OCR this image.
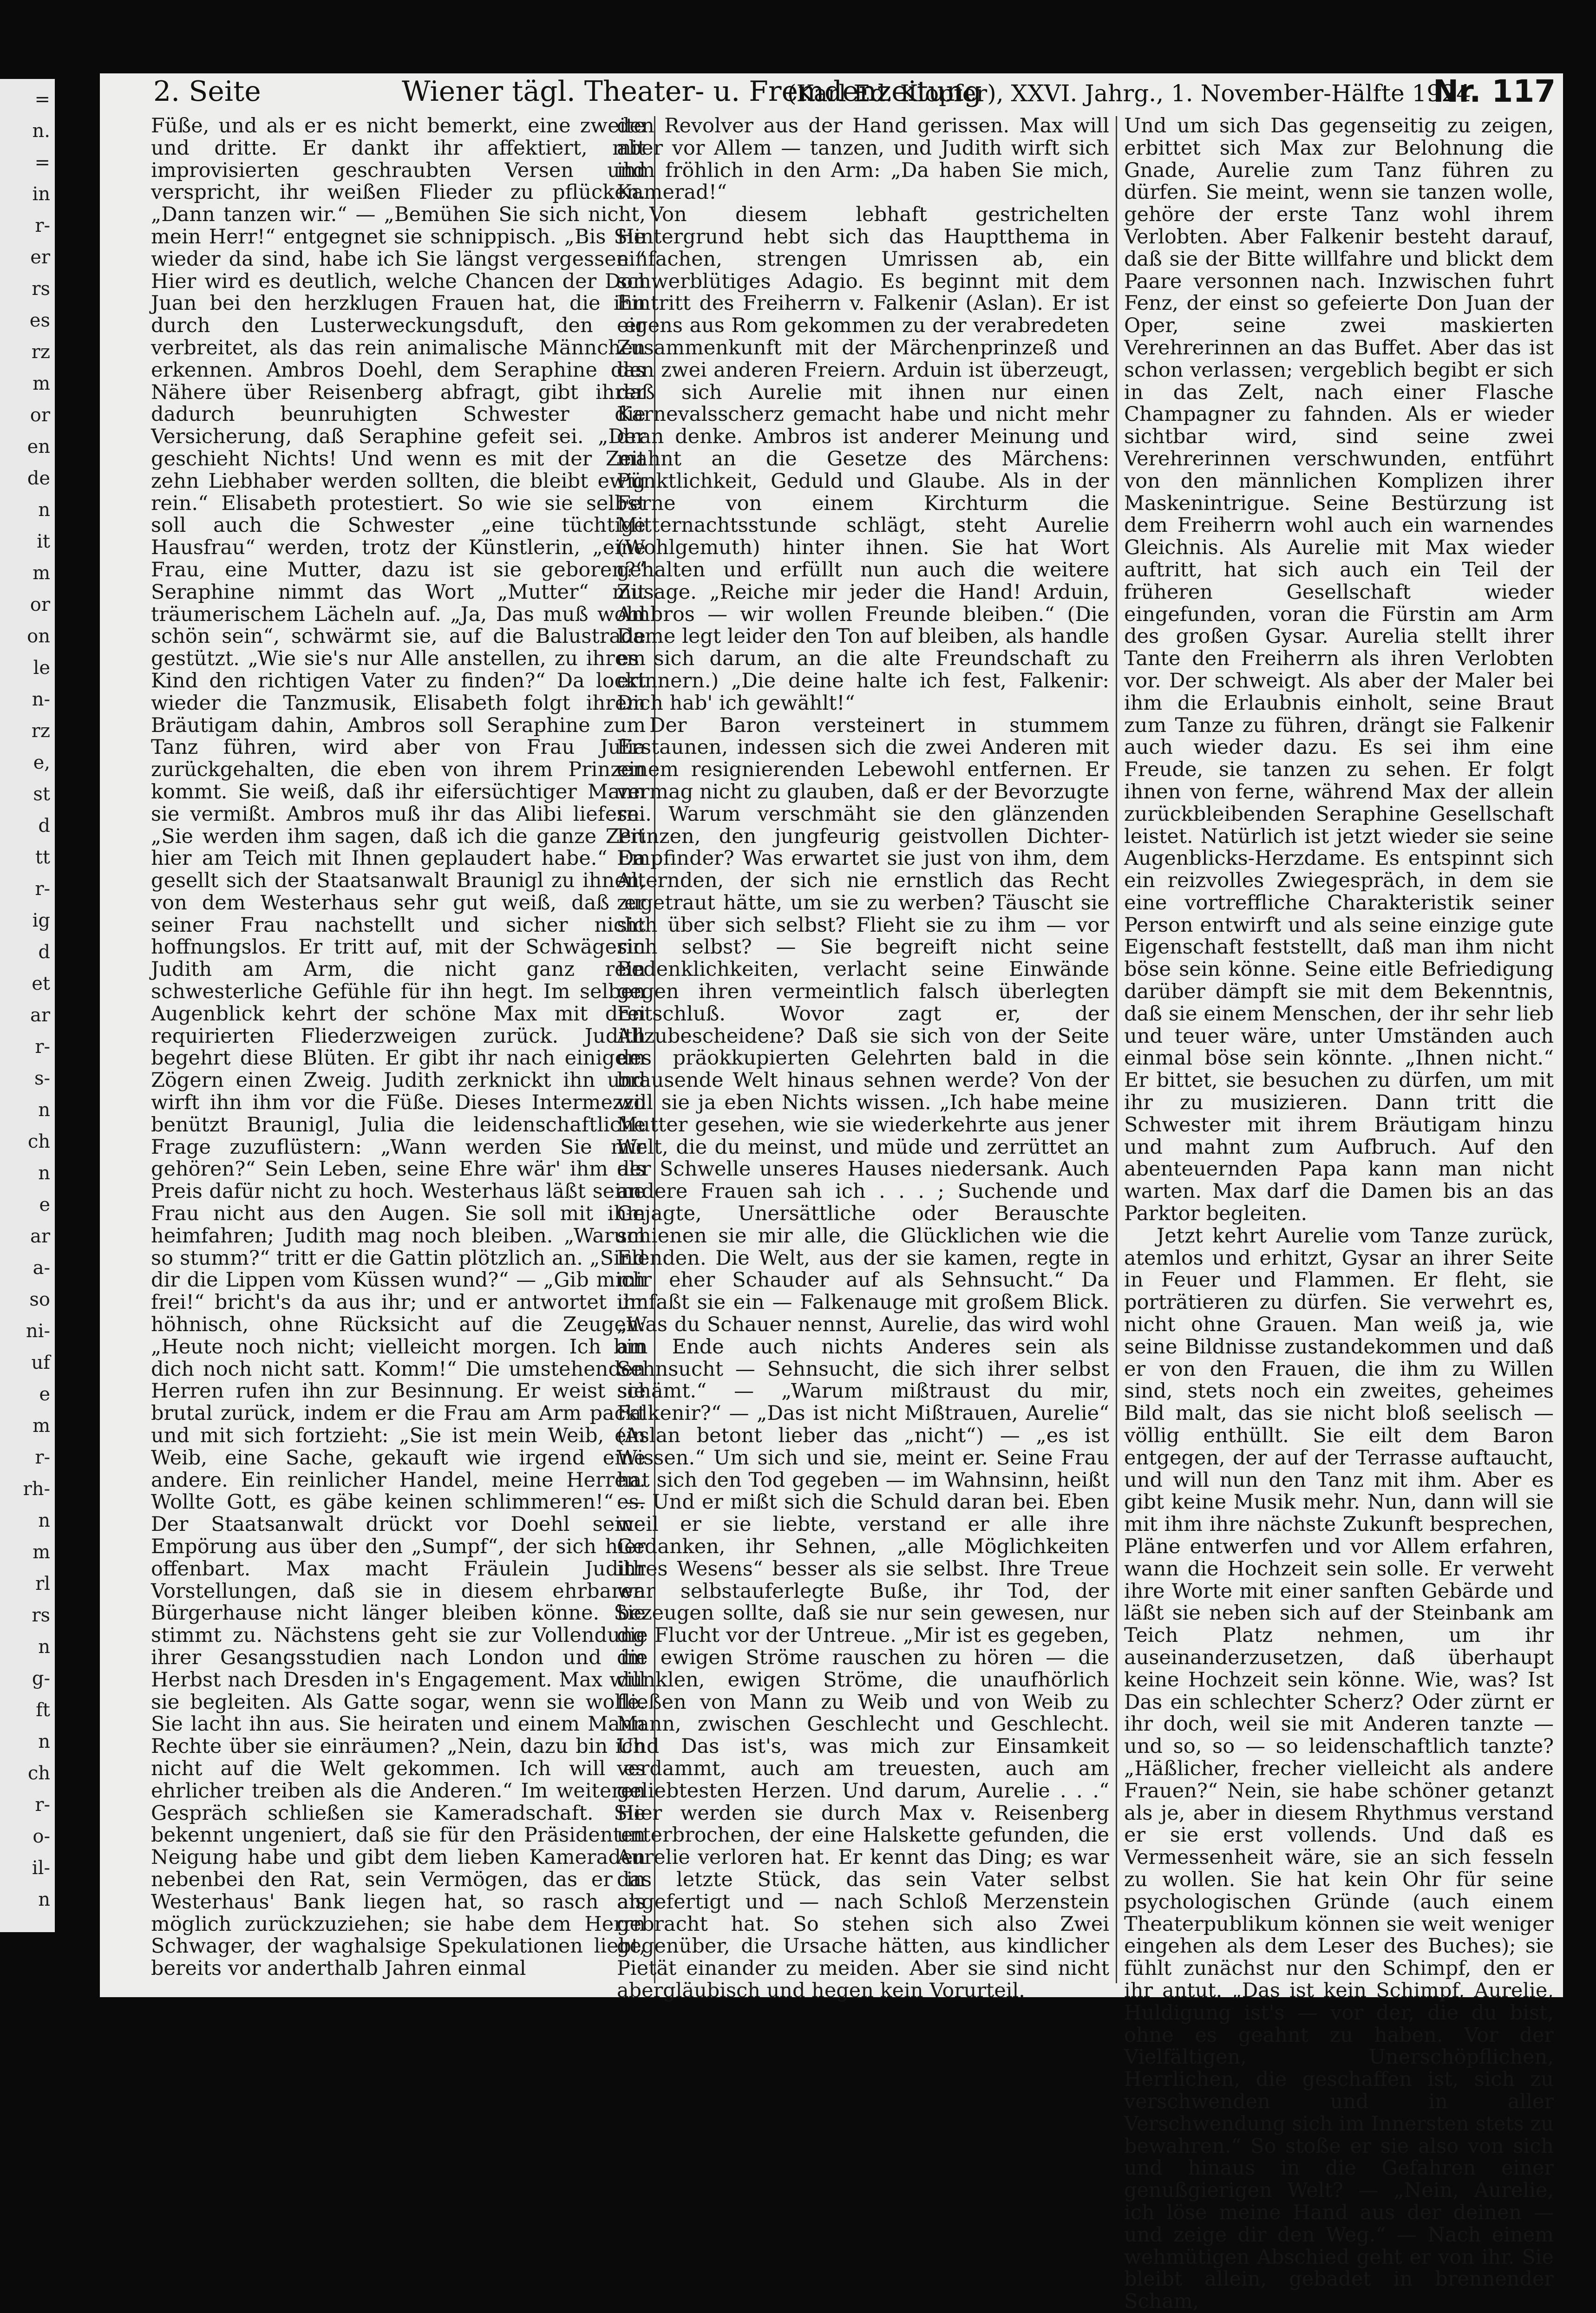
=
n.
=
in
r-
er
rs
es
rz
m
or
en
de
n
it
m
or
on
le
n-
rz
e,
st
d
tt
r-
ig
d
et
ar
r-
s-
n
ch
n
e
ar
a-
so
ni-
uf
e
m
r-
rh-
n
m
rl
rs
n
g-
ft
n
ch
r-
o-
il-
n
2. Seite	Wiener tägl. Theater- u. Fremdenzeitung
(Karl Ed. Klopfer), XXVI. Jahrg., 1. November-Hälfte 1924
Nr. 117

Füße, und als er es nicht bemerkt, eine zweite und dritte. Er dankt ihr affektiert, mit improvisierten geschraubten Versen und verspricht, ihr weißen Flieder zu pflücken. „Dann tanzen wir.“ — „Bemühen Sie sich nicht, mein Herr!“ entgegnet sie schnippisch. „Bis Sie wieder da sind, habe ich Sie längst vergessen.“ Hier wird es deutlich, welche Chancen der Don Juan bei den herzklugen Frauen hat, die ihn durch den Lusterweckungsduft, den er verbreitet, als das rein animalische Männchen erkennen. Ambros Doehl, dem Seraphine das Nähere über Reisenberg abfragt, gibt ihrer dadurch beunruhigten Schwester die Versicherung, daß Seraphine gefeit sei. „Der geschieht Nichts! Und wenn es mit der Zeit zehn Liebhaber werden sollten, die bleibt ewig rein.“ Elisabeth protestiert. So wie sie selbst soll auch die Schwester „eine tüchtige Hausfrau“ werden, trotz der Künstlerin, „eine Frau, eine Mutter, dazu ist sie geboren?“ Seraphine nimmt das Wort „Mutter“ mit träumerischem Lächeln auf. „Ja, Das muß wohl schön sein“, schwärmt sie, auf die Balustrade gestützt. „Wie sie's nur Alle anstellen, zu ihrem Kind den richtigen Vater zu finden?“ Da lockt wieder die Tanzmusik, Elisabeth folgt ihrem Bräutigam dahin, Ambros soll Seraphine zum Tanz führen, wird aber von Frau Julia zurückgehalten, die eben von ihrem Prinzen kommt. Sie weiß, daß ihr eifersüchtiger Mann sie vermißt. Ambros muß ihr das Alibi liefern. „Sie werden ihm sagen, daß ich die ganze Zeit hier am Teich mit Ihnen geplaudert habe.“ Da gesellt sich der Staatsanwalt Braunigl zu ihnen, von dem Westerhaus sehr gut weiß, daß er seiner Frau nachstellt und sicher nicht hoffnungslos. Er tritt auf, mit der Schwägerin Judith am Arm, die nicht ganz rein schwesterliche Gefühle für ihn hegt. Im selben Augenblick kehrt der schöne Max mit drei requirierten Fliederzweigen zurück. Judith begehrt diese Blüten. Er gibt ihr nach einigem Zögern einen Zweig. Judith zerknickt ihn und wirft ihn ihm vor die Füße. Dieses Intermezzo benützt Braunigl, Julia die leidenschaftliche Frage zuzuflüstern: „Wann werden Sie mir gehören?“ Sein Leben, seine Ehre wär' ihm als Preis dafür nicht zu hoch. Westerhaus läßt seine Frau nicht aus den Augen. Sie soll mit ihm heimfahren; Judith mag noch bleiben. „Warum so stumm?“ tritt er die Gattin plötzlich an. „Sind dir die Lippen vom Küssen wund?“ — „Gib mich frei!“ bricht's da aus ihr; und er antwortet ihr höhnisch, ohne Rücksicht auf die Zeugen: „Heute noch nicht; vielleicht morgen. Ich bin dich noch nicht satt. Komm!“ Die umstehenden Herren rufen ihn zur Besinnung. Er weist sie brutal zurück, indem er die Frau am Arm packt und mit sich fortzieht: „Sie ist mein Weib, ein Weib, eine Sache, gekauft wie irgend eine andere. Ein reinlicher Handel, meine Herren. Wollte Gott, es gäbe keinen schlimmeren!“ — Der Staatsanwalt drückt vor Doehl seine Empörung aus über den „Sumpf“, der sich hier offenbart. Max macht Fräulein Judith Vorstellungen, daß sie in diesem ehrbaren Bürgerhause nicht länger bleiben könne. Sie stimmt zu. Nächstens geht sie zur Vollendung ihrer Gesangsstudien nach London und im Herbst nach Dresden in's Engagement. Max will sie begleiten. Als Gatte sogar, wenn sie wolle. Sie lacht ihn aus. Sie heiraten und einem Mann Rechte über sie einräumen? „Nein, dazu bin ich nicht auf die Welt gekommen. Ich will es ehrlicher treiben als die Anderen.“ Im weiteren Gespräch schließen sie Kameradschaft. Sie bekennt ungeniert, daß sie für den Präsidenten Neigung habe und gibt dem lieben Kameraden nebenbei den Rat, sein Vermögen, das er in Westerhaus' Bank liegen hat, so rasch als möglich zurückzuziehen; sie habe dem Herrn Schwager, der waghalsige Spekulationen liebt, bereits vor anderthalb Jahren einmal

den Revolver aus der Hand gerissen. Max will aber vor Allem — tanzen, und Judith wirft sich ihm fröhlich in den Arm: „Da haben Sie mich, Kamerad!“

Von diesem lebhaft gestrichelten Hintergrund hebt sich das Hauptthema in einfachen, strengen Umrissen ab, ein schwerblütiges Adagio. Es beginnt mit dem Eintritt des Freiherrn v. Falkenir (Aslan). Er ist eigens aus Rom gekommen zu der verabredeten Zusammenkunft mit der Märchenprinzeß und den zwei anderen Freiern. Arduin ist überzeugt, daß sich Aurelie mit ihnen nur einen Karnevalsscherz gemacht habe und nicht mehr dran denke. Ambros ist anderer Meinung und mahnt an die Gesetze des Märchens: Pünktlichkeit, Geduld und Glaube. Als in der Ferne von einem Kirchturm die Mitternachtsstunde schlägt, steht Aurelie (Wohlgemuth) hinter ihnen. Sie hat Wort gehalten und erfüllt nun auch die weitere Zusage. „Reiche mir jeder die Hand! Arduin, Ambros — wir wollen Freunde bleiben.“ (Die Dame legt leider den Ton auf bleiben, als handle es sich darum, an die alte Freundschaft zu erinnern.) „Die deine halte ich fest, Falkenir: Dich hab' ich gewählt!“

Der Baron versteinert in stummem Erstaunen, indessen sich die zwei Anderen mit einem resignierenden Lebewohl entfernen. Er vermag nicht zu glauben, daß er der Bevorzugte sei. Warum verschmäht sie den glänzenden Prinzen, den jungfeurig geistvollen Dichter-Empfinder? Was erwartet sie just von ihm, dem Alternden, der sich nie ernstlich das Recht zugetraut hätte, um sie zu werben? Täuscht sie sich über sich selbst? Flieht sie zu ihm — vor sich selbst? — Sie begreift nicht seine Bedenklichkeiten, verlacht seine Einwände gegen ihren vermeintlich falsch überlegten Entschluß. Wovor zagt er, der Allzubescheidene? Daß sie sich von der Seite des präokkupierten Gelehrten bald in die brausende Welt hinaus sehnen werde? Von der will sie ja eben Nichts wissen. „Ich habe meine Mutter gesehen, wie sie wiederkehrte aus jener Welt, die du meinst, und müde und zerrüttet an der Schwelle unseres Hauses niedersank. Auch andere Frauen sah ich . . . ; Suchende und Gejagte, Unersättliche oder Berauschte schienen sie mir alle, die Glücklichen wie die Elenden. Die Welt, aus der sie kamen, regte in mir eher Schauder auf als Sehnsucht.“ Da umfaßt sie ein — Falkenauge mit großem Blick. „Was du Schauer nennst, Aurelie, das wird wohl am Ende auch nichts Anderes sein als Sehnsucht — Sehnsucht, die sich ihrer selbst schämt.“ — „Warum mißtraust du mir, Falkenir?“ — „Das ist nicht Mißtrauen, Aurelie“ (Aslan betont lieber das „nicht“) — „es ist Wissen.“ Um sich und sie, meint er. Seine Frau hat sich den Tod gegeben — im Wahnsinn, heißt es. Und er mißt sich die Schuld daran bei. Eben weil er sie liebte, verstand er alle ihre Gedanken, ihr Sehnen, „alle Möglichkeiten ihres Wesens“ besser als sie selbst. Ihre Treue war selbstauferlegte Buße, ihr Tod, der bezeugen sollte, daß sie nur sein gewesen, nur die Flucht vor der Untreue. „Mir ist es gegeben, die ewigen Ströme rauschen zu hören — die dunklen, ewigen Ströme, die unaufhörlich fließen von Mann zu Weib und von Weib zu Mann, zwischen Geschlecht und Geschlecht. Und Das ist's, was mich zur Einsamkeit verdammt, auch am treuesten, auch am geliebtesten Herzen. Und darum, Aurelie . . .“ Hier werden sie durch Max v. Reisenberg unterbrochen, der eine Halskette gefunden, die Aurelie verloren hat. Er kennt das Ding; es war das letzte Stück, das sein Vater selbst angefertigt und — nach Schloß Merzenstein gebracht hat. So stehen sich also Zwei gegenüber, die Ursache hätten, aus kindlicher Pietät einander zu meiden. Aber sie sind nicht abergläubisch und hegen kein Vorurteil.

Und um sich Das gegenseitig zu zeigen, erbittet sich Max zur Belohnung die Gnade, Aurelie zum Tanz führen zu dürfen. Sie meint, wenn sie tanzen wolle, gehöre der erste Tanz wohl ihrem Verlobten. Aber Falkenir besteht darauf, daß sie der Bitte willfahre und blickt dem Paare versonnen nach. Inzwischen fuhrt Fenz, der einst so gefeierte Don Juan der Oper, seine zwei maskierten Verehrerinnen an das Buffet. Aber das ist schon verlassen; vergeblich begibt er sich in das Zelt, nach einer Flasche Champagner zu fahnden. Als er wieder sichtbar wird, sind seine zwei Verehrerinnen verschwunden, entführt von den männlichen Komplizen ihrer Maskenintrigue. Seine Bestürzung ist dem Freiherrn wohl auch ein warnendes Gleichnis. Als Aurelie mit Max wieder auftritt, hat sich auch ein Teil der früheren Gesellschaft wieder eingefunden, voran die Fürstin am Arm des großen Gysar. Aurelia stellt ihrer Tante den Freiherrn als ihren Verlobten vor. Der schweigt. Als aber der Maler bei ihm die Erlaubnis einholt, seine Braut zum Tanze zu führen, drängt sie Falkenir auch wieder dazu. Es sei ihm eine Freude, sie tanzen zu sehen. Er folgt ihnen von ferne, während Max der allein zurückbleibenden Seraphine Gesellschaft leistet. Natürlich ist jetzt wieder sie seine Augenblicks-Herzdame. Es entspinnt sich ein reizvolles Zwiegespräch, in dem sie eine vortreffliche Charakteristik seiner Person entwirft und als seine einzige gute Eigenschaft feststellt, daß man ihm nicht böse sein könne. Seine eitle Befriedigung darüber dämpft sie mit dem Bekenntnis, daß sie einem Menschen, der ihr sehr lieb und teuer wäre, unter Umständen auch einmal böse sein könnte. „Ihnen nicht.“ Er bittet, sie besuchen zu dürfen, um mit ihr zu musizieren. Dann tritt die Schwester mit ihrem Bräutigam hinzu und mahnt zum Aufbruch. Auf den abenteuernden Papa kann man nicht warten. Max darf die Damen bis an das Parktor begleiten.

Jetzt kehrt Aurelie vom Tanze zurück, atemlos und erhitzt, Gysar an ihrer Seite in Feuer und Flammen. Er fleht, sie porträtieren zu dürfen. Sie verwehrt es, nicht ohne Grauen. Man weiß ja, wie seine Bildnisse zustandekommen und daß er von den Frauen, die ihm zu Willen sind, stets noch ein zweites, geheimes Bild malt, das sie nicht bloß seelisch — völlig enthüllt. Sie eilt dem Baron entgegen, der auf der Terrasse auftaucht, und will nun den Tanz mit ihm. Aber es gibt keine Musik mehr. Nun, dann will sie mit ihm ihre nächste Zukunft besprechen, Pläne entwerfen und vor Allem erfahren, wann die Hochzeit sein solle. Er verweht ihre Worte mit einer sanften Gebärde und läßt sie neben sich auf der Steinbank am Teich Platz nehmen, um ihr auseinanderzusetzen, daß überhaupt keine Hochzeit sein könne. Wie, was? Ist Das ein schlechter Scherz? Oder zürnt er ihr doch, weil sie mit Anderen tanzte — und so, so — so leidenschaftlich tanzte? „Häßlicher, frecher vielleicht als andere Frauen?“ Nein, sie habe schöner getanzt als je, aber in diesem Rhythmus verstand er sie erst vollends. Und daß es Vermessenheit wäre, sie an sich fesseln zu wollen. Sie hat kein Ohr für seine psychologischen Gründe (auch einem Theaterpublikum können sie weit weniger eingehen als dem Leser des Buches); sie fühlt zunächst nur den Schimpf, den er ihr antut. „Das ist kein Schimpf, Aurelie, Huldigung ist's — vor der, die du bist, ohne es geahnt zu haben. Vor der Vielfältigen, Unerschöpflichen, Herrlichen, die geschaffen ist, sich zu verschwenden und in aller Verschwendung sich im Innersten stets zu bewahren.“ So stoße er sie also von sich und hinaus in die Gefahren einer genußgierigen Welt? — „Nein, Aurelie, ich löse meine Hand aus der deinen — und zeige dir den Weg.“ — Nach einem wehmütigen Abschied geht er von ihr. Sie bleibt allein, gebadet in brennender Scham,
